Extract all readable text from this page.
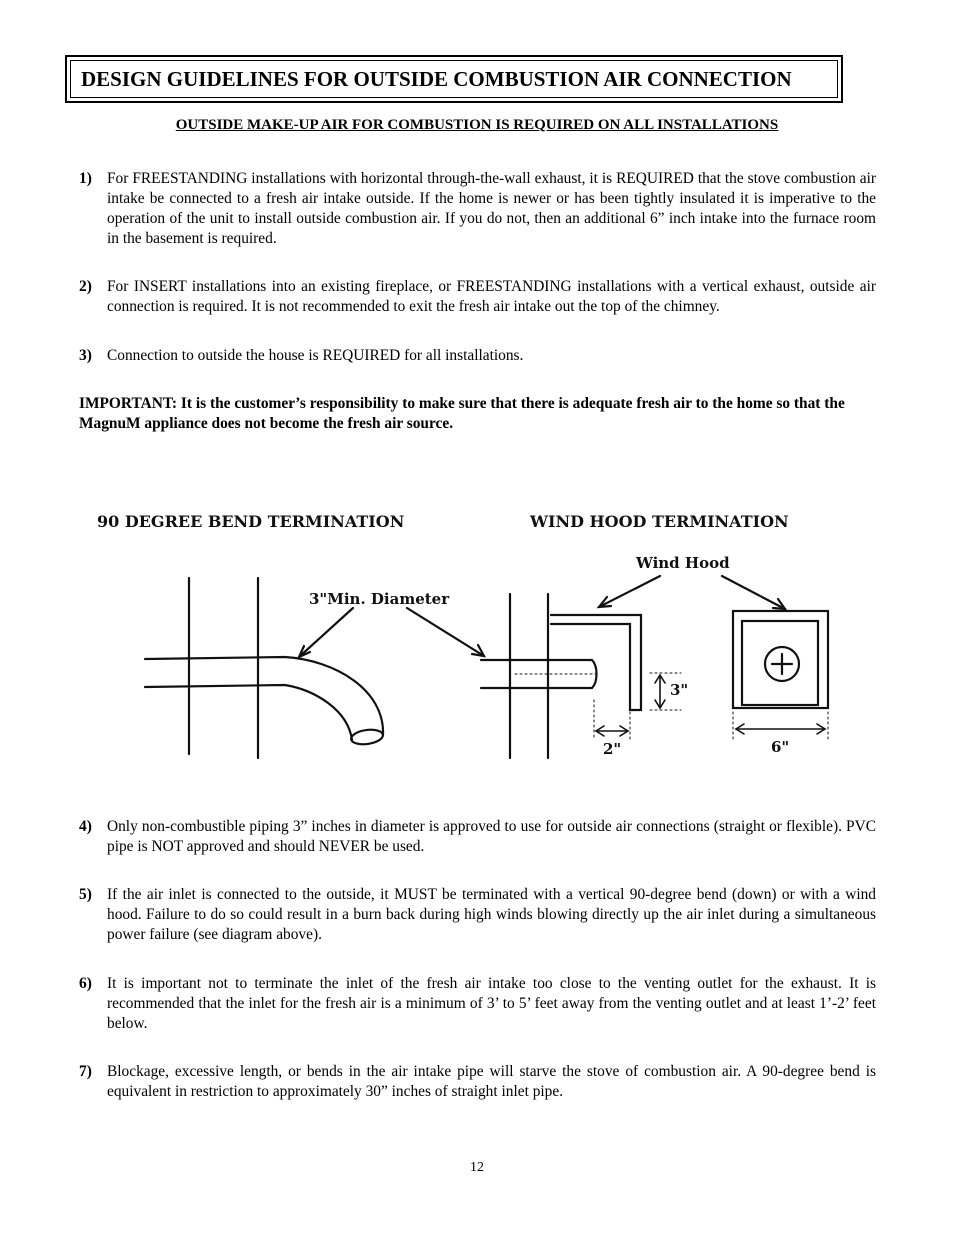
DESIGN GUIDELINES FOR OUTSIDE COMBUSTION AIR CONNECTION
OUTSIDE MAKE-UP AIR FOR COMBUSTION IS REQUIRED ON ALL INSTALLATIONS
1) For FREESTANDING installations with horizontal through-the-wall exhaust, it is REQUIRED that the stove combustion air intake be connected to a fresh air intake outside. If the home is newer or has been tightly insulated it is imperative to the operation of the unit to install outside combustion air. If you do not, then an additional 6” inch intake into the furnace room in the basement is required.
2) For INSERT installations into an existing fireplace, or FREESTANDING installations with a vertical exhaust, outside air connection is required. It is not recommended to exit the fresh air intake out the top of the chimney.
3) Connection to outside the house is REQUIRED for all installations.
IMPORTANT: It is the customer’s responsibility to make sure that there is adequate fresh air to the home so that the MagnuM appliance does not become the fresh air source.
90 DEGREE BEND TERMINATION	WIND HOOD TERMINATION
Wind Hood
3"Min. Diameter
3"
2"	6"
4) Only non-combustible piping 3” inches in diameter is approved to use for outside air connections (straight or flexible). PVC pipe is NOT approved and should NEVER be used.
5) If the air inlet is connected to the outside, it MUST be terminated with a vertical 90-degree bend (down) or with a wind hood. Failure to do so could result in a burn back during high winds blowing directly up the air inlet during a simultaneous power failure (see diagram above).
6) It is important not to terminate the inlet of the fresh air intake too close to the venting outlet for the exhaust. It is recommended that the inlet for the fresh air is a minimum of 3’ to 5’ feet away from the venting outlet and at least 1’-2’ feet below.
7) Blockage, excessive length, or bends in the air intake pipe will starve the stove of combustion air. A 90-degree bend is equivalent in restriction to approximately 30” inches of straight inlet pipe.
12
